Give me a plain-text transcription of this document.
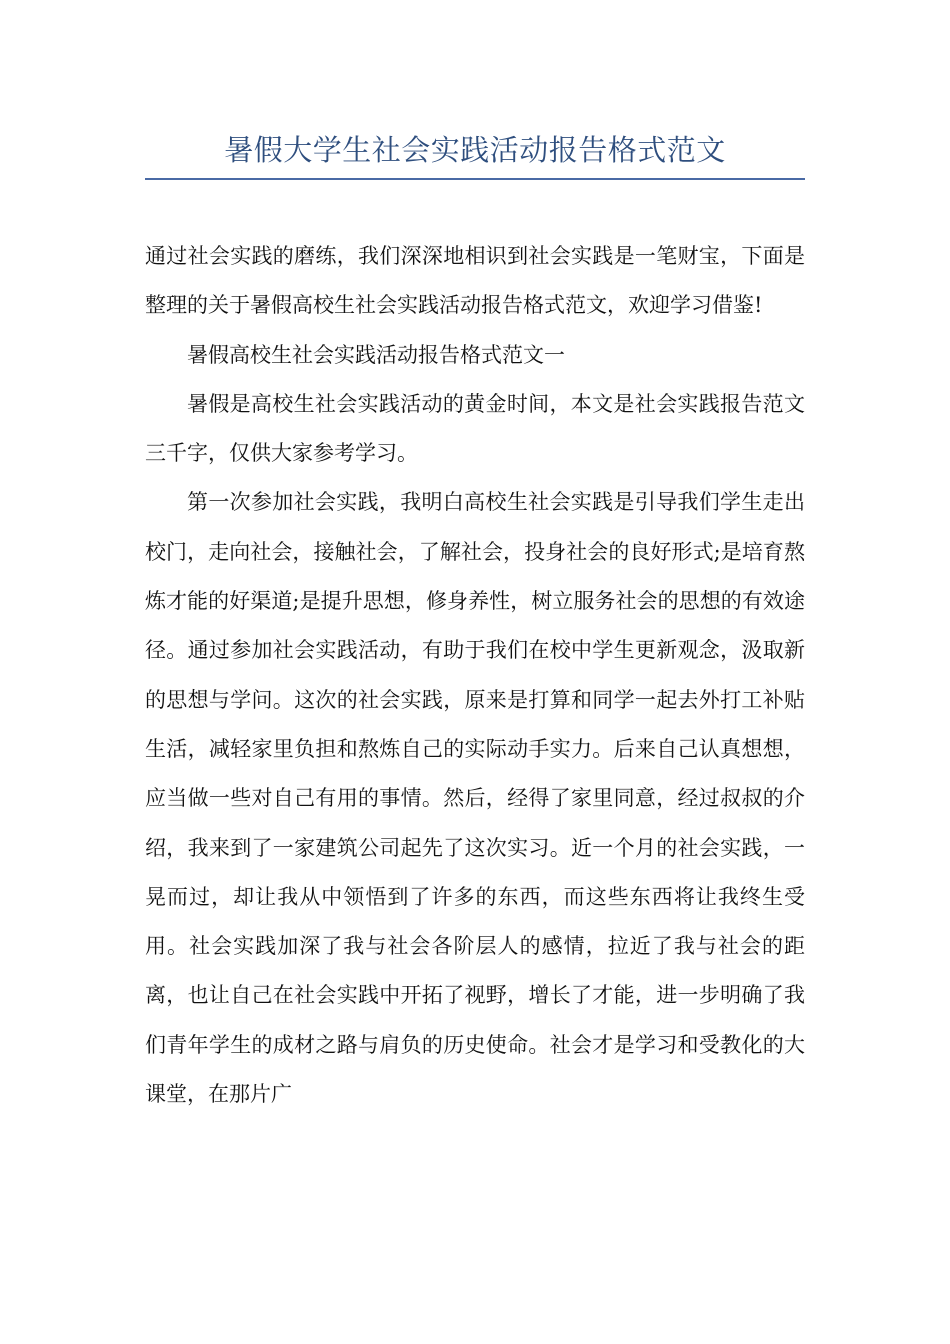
暑假大学生社会实践活动报告格式范文

通过社会实践的磨练，我们深深地相识到社会实践是一笔财宝，下面是整理的关于暑假高校生社会实践活动报告格式范文，欢迎学习借鉴!

暑假高校生社会实践活动报告格式范文一

暑假是高校生社会实践活动的黄金时间，本文是社会实践报告范文三千字，仅供大家参考学习。

第一次参加社会实践，我明白高校生社会实践是引导我们学生走出校门，走向社会，接触社会，了解社会，投身社会的良好形式;是培育熬炼才能的好渠道;是提升思想，修身养性，树立服务社会的思想的有效途径。通过参加社会实践活动，有助于我们在校中学生更新观念，汲取新的思想与学问。这次的社会实践，原来是打算和同学一起去外打工补贴生活，减轻家里负担和熬炼自己的实际动手实力。后来自己认真想想，应当做一些对自己有用的事情。然后，经得了家里同意，经过叔叔的介绍，我来到了一家建筑公司起先了这次实习。近一个月的社会实践，一晃而过，却让我从中领悟到了许多的东西，而这些东西将让我终生受用。社会实践加深了我与社会各阶层人的感情，拉近了我与社会的距离，也让自己在社会实践中开拓了视野，增长了才能，进一步明确了我们青年学生的成材之路与肩负的历史使命。社会才是学习和受教化的大课堂，在那片广
